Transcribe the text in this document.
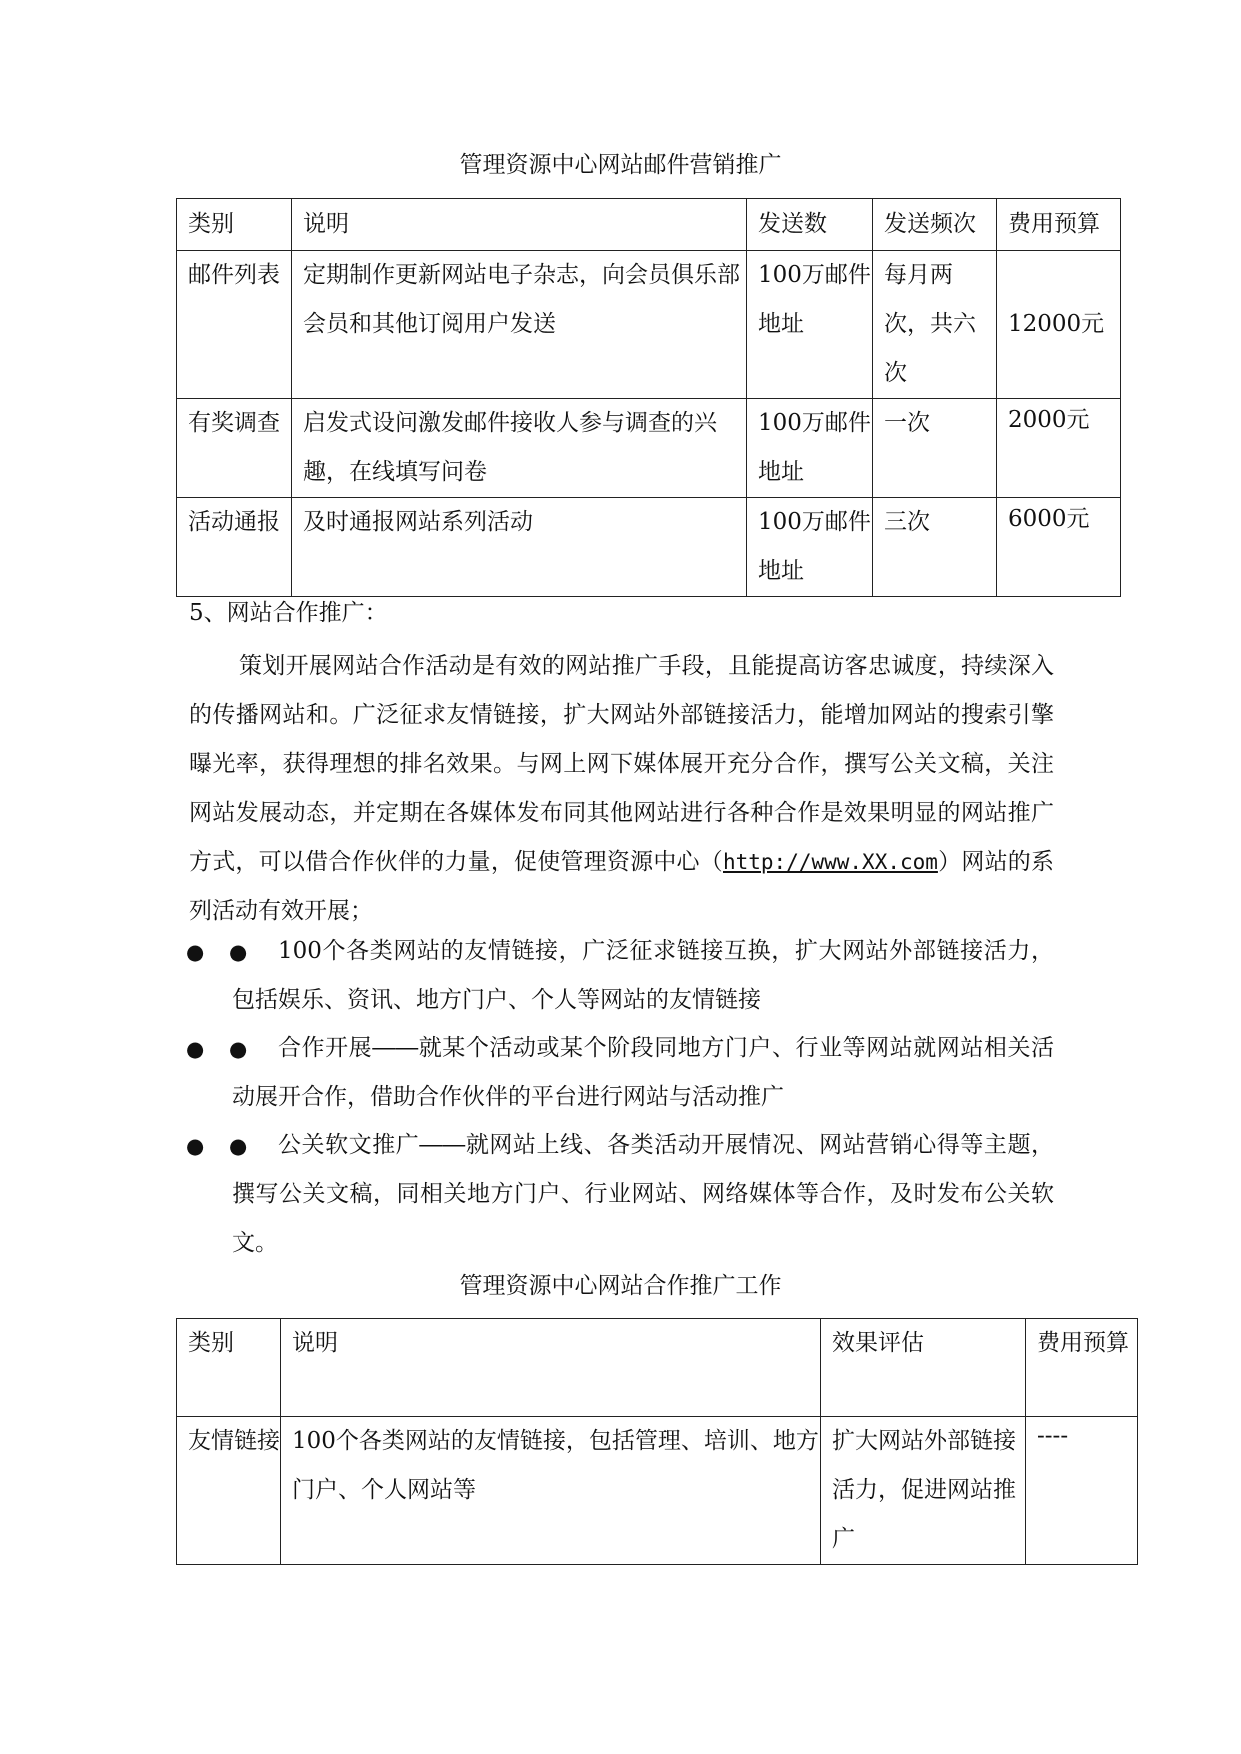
管理资源中心网站邮件营销推广
类别	说明	发送数	发送频次	费用预算
邮件列表	定期制作更新网站电子杂志，向会员俱乐部会员和其他订阅用户发送	100万邮件地址	每月两次，共六次	12000元
有奖调查	启发式设问激发邮件接收人参与调查的兴趣，在线填写问卷	100万邮件地址	一次	2000元
活动通报	及时通报网站系列活动	100万邮件地址	三次	6000元
5、网站合作推广：
策划开展网站合作活动是有效的网站推广手段，且能提高访客忠诚度，持续深入的传播网站和。广泛征求友情链接，扩大网站外部链接活力，能增加网站的搜索引擎曝光率，获得理想的排名效果。与网上网下媒体展开充分合作，撰写公关文稿，关注网站发展动态，并定期在各媒体发布同其他网站进行各种合作是效果明显的网站推广方式，可以借合作伙伴的力量，促使管理资源中心（http://www.XX.com）网站的系列活动有效开展；
● ●	100个各类网站的友情链接，广泛征求链接互换，扩大网站外部链接活力，包括娱乐、资讯、地方门户、个人等网站的友情链接
● ●	合作开展――就某个活动或某个阶段同地方门户、行业等网站就网站相关活动展开合作，借助合作伙伴的平台进行网站与活动推广
● ●	公关软文推广――就网站上线、各类活动开展情况、网站营销心得等主题，撰写公关文稿，同相关地方门户、行业网站、网络媒体等合作，及时发布公关软文。
管理资源中心网站合作推广工作
类别	说明	效果评估	费用预算
友情链接	100个各类网站的友情链接，包括管理、培训、地方门户、个人网站等	扩大网站外部链接活力，促进网站推广	----
